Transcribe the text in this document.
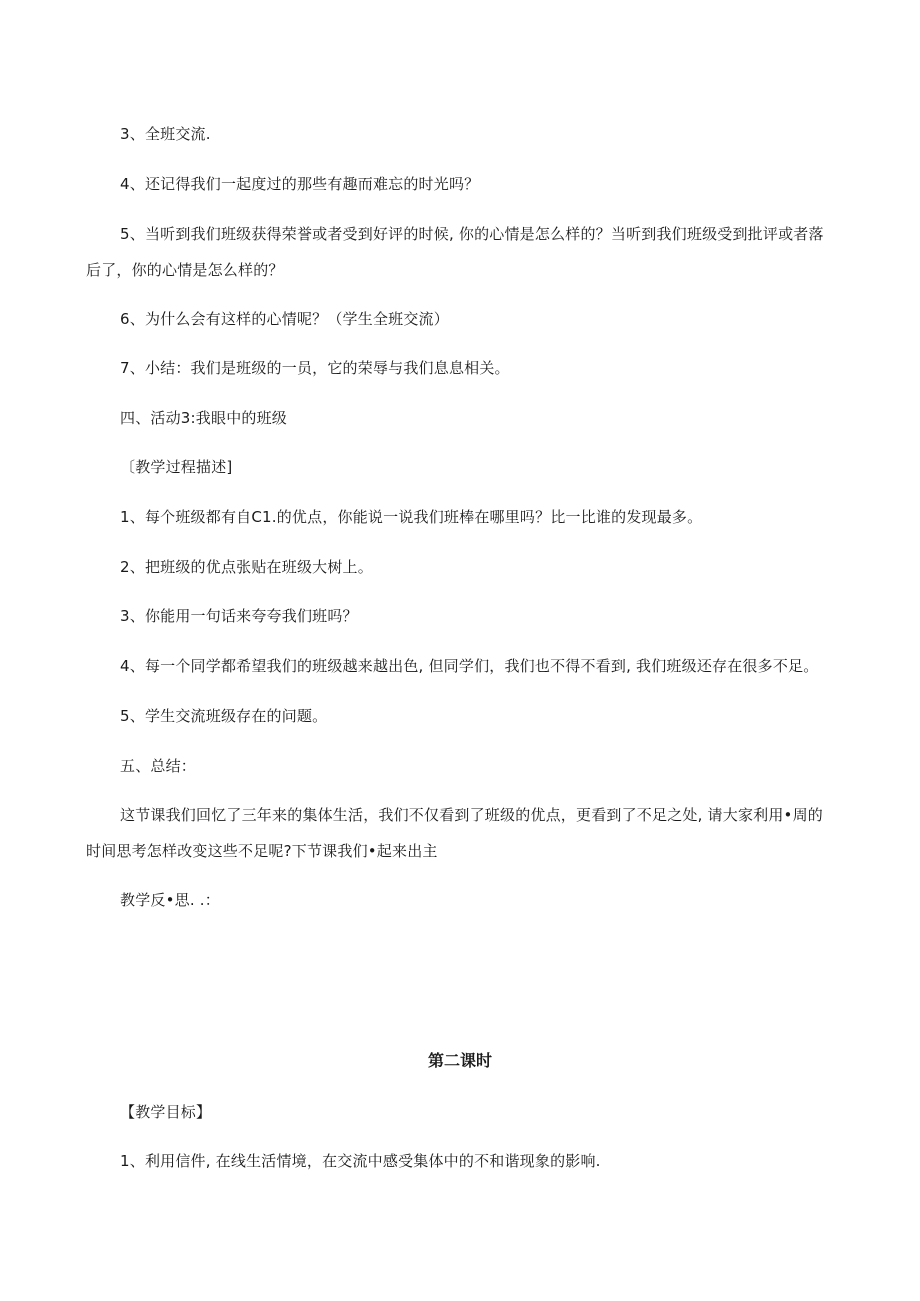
3、全班交流.
4、还记得我们一起度过的那些有趣而难忘的时光吗？
5、当听到我们班级获得荣誉或者受到好评的时候, 你的心情是怎么样的？当听到我们班级受到批评或者落
后了，你的心情是怎么样的？
6、为什么会有这样的心情呢？（学生全班交流）
7、小结：我们是班级的一员，它的荣辱与我们息息相关。
四、活动3:我眼中的班级
〔教学过程描述]
1、每个班级都有自C1.的优点，你能说一说我们班棒在哪里吗？比一比谁的发现最多。
2、把班级的优点张贴在班级大树上。
3、你能用一句话来夸夸我们班吗？
4、每一个同学都希望我们的班级越来越出色, 但同学们，我们也不得不看到, 我们班级还存在很多不足。
5、学生交流班级存在的问题。
五、总结：
这节课我们回忆了三年来的集体生活，我们不仅看到了班级的优点，更看到了不足之处, 请大家利用•周的
时间思考怎样改变这些不足呢?下节课我们•起来出主
教学反•思. .：
第二课时
【教学目标】
1、利用信件, 在线生活情境，在交流中感受集体中的不和谐现象的影响.
